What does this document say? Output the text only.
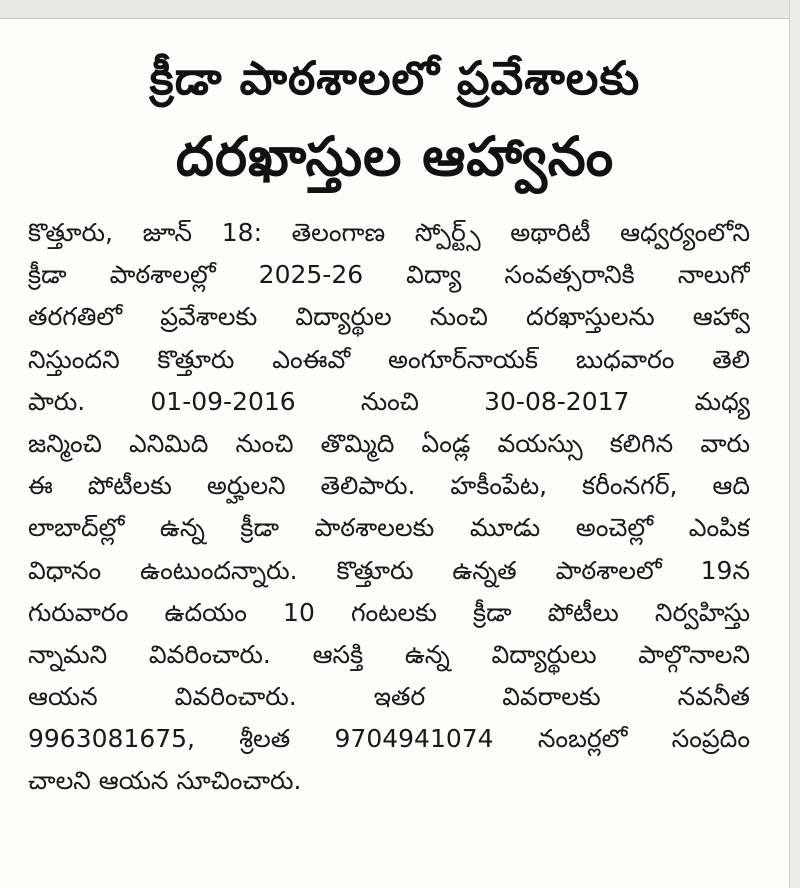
క్రీడా పాఠశాలలో ప్రవేశాలకు
దరఖాస్తుల ఆహ్వానం
కొత్తూరు, జూన్ 18: తెలంగాణ స్పోర్ట్స్ అథారిటీ ఆధ్వర్యంలోని
క్రీడా పాఠశాలల్లో 2025-26 విద్యా సంవత్సరానికి నాలుగో
తరగతిలో ప్రవేశాలకు విద్యార్థుల నుంచి దరఖాస్తులను ఆహ్వా
నిస్తుందని కొత్తూరు ఎంఈవో అంగూర్‌నాయక్ బుధవారం తెలి
పారు. 01-09-2016 నుంచి 30-08-2017 మధ్య
జన్మించి ఎనిమిది నుంచి తొమ్మిది ఏండ్ల వయస్సు కలిగిన వారు
ఈ పోటీలకు అర్హులని తెలిపారు. హకీంపేట, కరీంనగర్, ఆది
లాబాద్‌ల్లో ఉన్న క్రీడా పాఠశాలలకు మూడు అంచెల్లో ఎంపిక
విధానం ఉంటుందన్నారు. కొత్తూరు ఉన్నత పాఠశాలలో 19న
గురువారం ఉదయం 10 గంటలకు క్రీడా పోటీలు నిర్వహిస్తు
న్నామని వివరించారు. ఆసక్తి ఉన్న విద్యార్థులు పాల్గొనాలని
ఆయన వివరించారు. ఇతర వివరాలకు నవనీత
9963081675, శ్రీలత 9704941074 నంబర్లలో సంప్రదిం
చాలని ఆయన సూచించారు.
